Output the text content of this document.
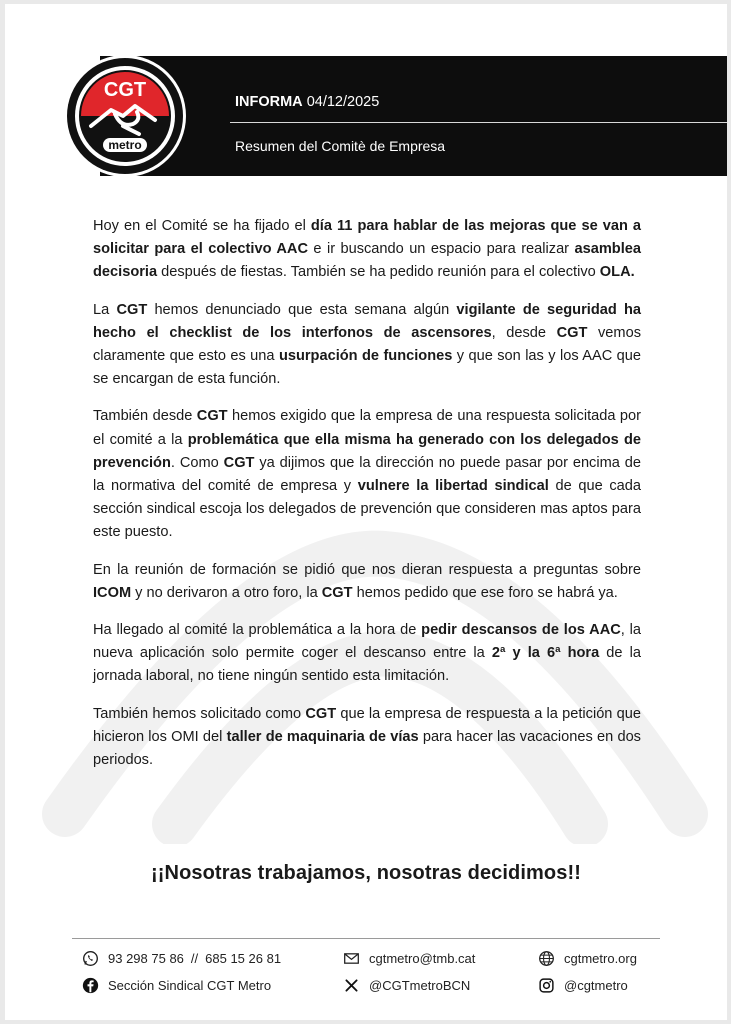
INFORMA 04/12/2025
Resumen del Comitè de Empresa
CGT
metro

Hoy en el Comité se ha fijado el día 11 para hablar de las mejoras que se van a solicitar para el colectivo AAC e ir buscando un espacio para realizar asamblea decisoria después de fiestas. También se ha pedido reunión para el colectivo OLA.

La CGT hemos denunciado que esta semana algún vigilante de seguridad ha hecho el checklist de los interfonos de ascensores, desde CGT vemos claramente que esto es una usurpación de funciones y que son las y los AAC que se encargan de esta función.

También desde CGT hemos exigido que la empresa de una respuesta solicitada por el comité a la problemática que ella misma ha generado con los delegados de prevención. Como CGT ya dijimos que la dirección no puede pasar por encima de la normativa del comité de empresa y vulnere la libertad sindical de que cada sección sindical escoja los delegados de prevención que consideren mas aptos para este puesto.

En la reunión de formación se pidió que nos dieran respuesta a preguntas sobre ICOM y no derivaron a otro foro, la CGT hemos pedido que ese foro se habrá ya.

Ha llegado al comité la problemática a la hora de pedir descansos de los AAC, la nueva aplicación solo permite coger el descanso entre la 2ª y la 6ª hora de la jornada laboral, no tiene ningún sentido esta limitación.

También hemos solicitado como CGT que la empresa de respuesta a la petición que hicieron los OMI del taller de maquinaria de vías para hacer las vacaciones en dos periodos.

¡¡Nosotras trabajamos, nosotras decidimos!!
93 298 75 86 // 685 15 26 81	cgtmetro@tmb.cat	cgtmetro.org
Sección Sindical CGT Metro	@CGTmetroBCN	@cgtmetro
